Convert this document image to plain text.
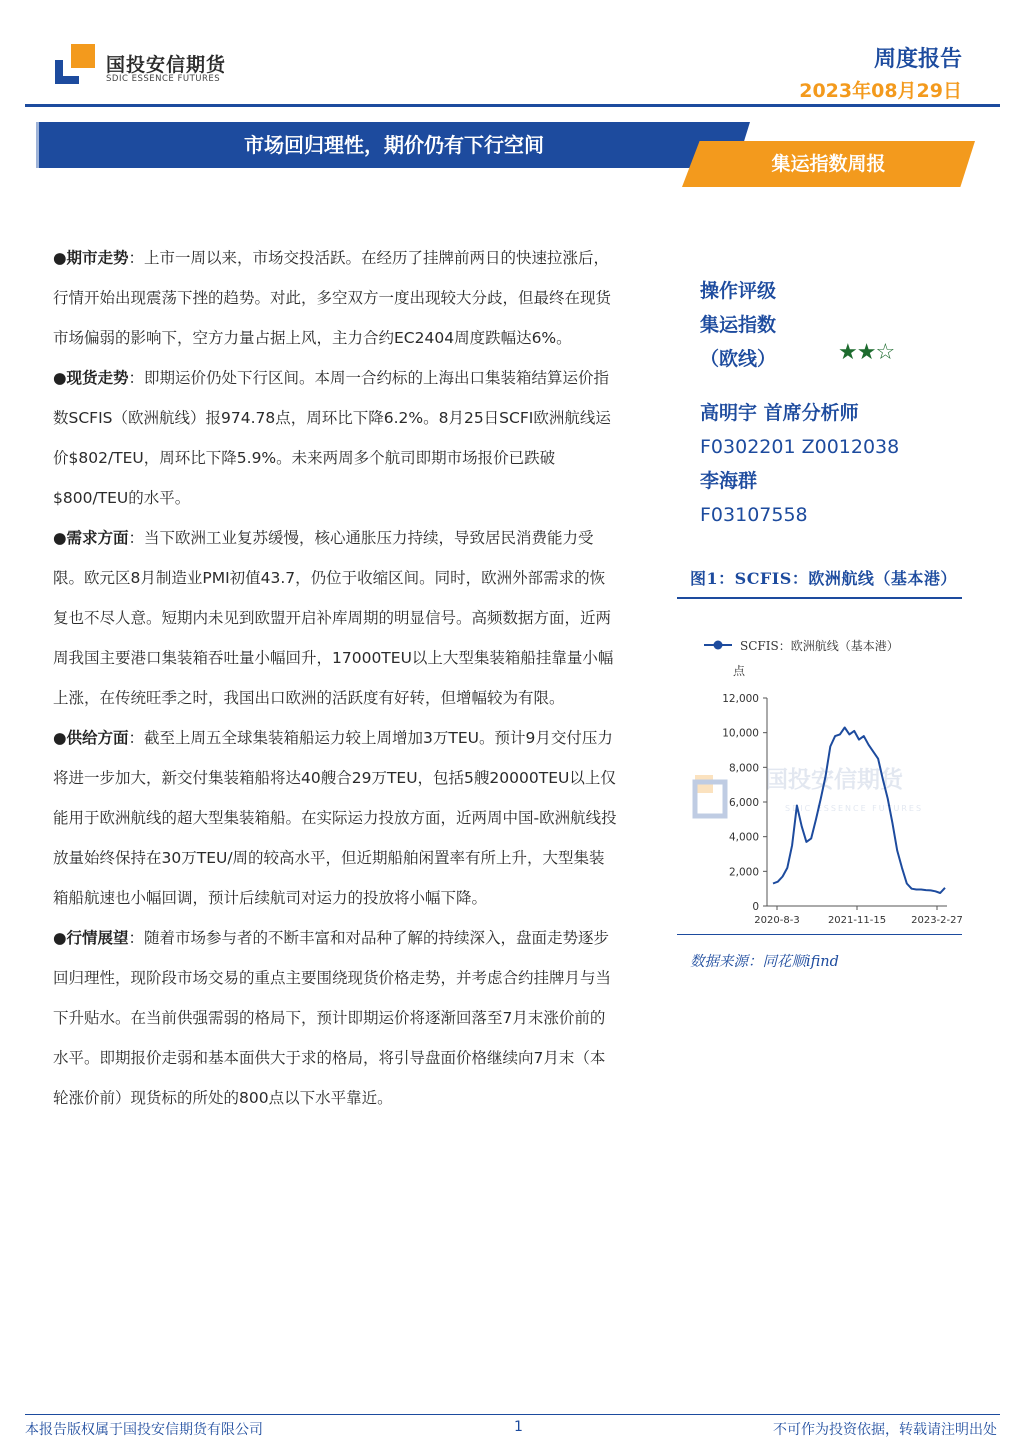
国投安信期货
SDIC ESSENCE FUTURES
周度报告
2023年08月29日
市场回归理性，期价仍有下行空间
集运指数周报

●期市走势：上市一周以来，市场交投活跃。在经历了挂牌前两日的快速拉涨后，行情开始出现震荡下挫的趋势。对此，多空双方一度出现较大分歧，但最终在现货市场偏弱的影响下，空方力量占据上风，主力合约EC2404周度跌幅达6%。

●现货走势：即期运价仍处下行区间。本周一合约标的上海出口集装箱结算运价指数SCFIS（欧洲航线）报974.78点，周环比下降6.2%。8月25日SCFI欧洲航线运价$802/TEU，周环比下降5.9%。未来两周多个航司即期市场报价已跌破$800/TEU的水平。

●需求方面：当下欧洲工业复苏缓慢，核心通胀压力持续，导致居民消费能力受限。欧元区8月制造业PMI初值43.7，仍位于收缩区间。同时，欧洲外部需求的恢复也不尽人意。短期内未见到欧盟开启补库周期的明显信号。高频数据方面，近两周我国主要港口集装箱吞吐量小幅回升，17000TEU以上大型集装箱船挂靠量小幅上涨，在传统旺季之时，我国出口欧洲的活跃度有好转，但增幅较为有限。

●供给方面：截至上周五全球集装箱船运力较上周增加3万TEU。预计9月交付压力将进一步加大，新交付集装箱船将达40艘合29万TEU，包括5艘20000TEU以上仅能用于欧洲航线的超大型集装箱船。在实际运力投放方面，近两周中国-欧洲航线投放量始终保持在30万TEU/周的较高水平，但近期船舶闲置率有所上升，大型集装箱船航速也小幅回调，预计后续航司对运力的投放将小幅下降。

●行情展望：随着市场参与者的不断丰富和对品种了解的持续深入，盘面走势逐步回归理性，现阶段市场交易的重点主要围绕现货价格走势，并考虑合约挂牌月与当下升贴水。在当前供强需弱的格局下，预计即期运价将逐渐回落至7月末涨价前的水平。即期报价走弱和基本面供大于求的格局，将引导盘面价格继续向7月末（本轮涨价前）现货标的所处的800点以下水平靠近。

操作评级
集运指数
（欧线）	★★☆
高明宇 首席分析师
F0302201 Z0012038
李海群
F03107558
图1：SCFIS：欧洲航线（基本港）
SCFIS：欧洲航线（基本港）
点
国投安信期货
SDIC ESSENCE FUTURES
12,000
10,000
8,000
6,000
4,000
2,000
0
2020-8-3	2021-11-15	2023-2-27
数据来源：同花顺ifind
本报告版权属于国投安信期货有限公司	1	不可作为投资依据，转载请注明出处
